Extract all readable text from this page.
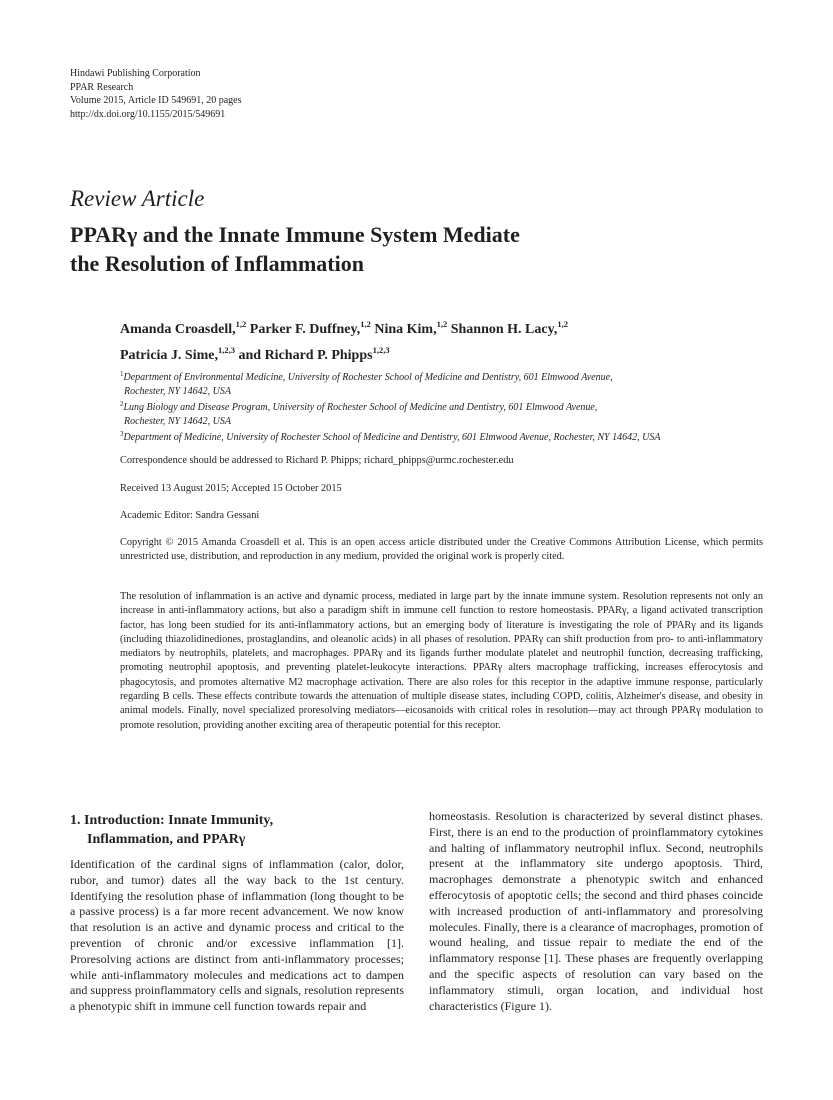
Hindawi Publishing Corporation
PPAR Research
Volume 2015, Article ID 549691, 20 pages
http://dx.doi.org/10.1155/2015/549691
Review Article
PPARγ and the Innate Immune System Mediate
the Resolution of Inflammation
Amanda Croasdell,$^{1,2}$ Parker F. Duffney,$^{1,2}$ Nina Kim,$^{1,2}$ Shannon H. Lacy,$^{1,2}$
Patricia J. Sime,$^{1,2,3}$ and Richard P. Phipps$^{1,2,3}$

$^1$Department of Environmental Medicine, University of Rochester School of Medicine and Dentistry, 601 Elmwood Avenue,

Rochester, NY 14642, USA

$^2$Lung Biology and Disease Program, University of Rochester School of Medicine and Dentistry, 601 Elmwood Avenue,

Rochester, NY 14642, USA

$^3$Department of Medicine, University of Rochester School of Medicine and Dentistry, 601 Elmwood Avenue, Rochester, NY 14642, USA

Correspondence should be addressed to Richard P. Phipps; richard_phipps@urmc.rochester.edu
Received 13 August 2015; Accepted 15 October 2015
Academic Editor: Sandra Gessani

Copyright © 2015 Amanda Croasdell et al. This is an open access article distributed under the Creative Commons Attribution License, which permits unrestricted use, distribution, and reproduction in any medium, provided the original work is properly cited.

The resolution of inflammation is an active and dynamic process, mediated in large part by the innate immune system. Resolution represents not only an increase in anti-inflammatory actions, but also a paradigm shift in immune cell function to restore homeostasis. PPARγ, a ligand activated transcription factor, has long been studied for its anti-inflammatory actions, but an emerging body of literature is investigating the role of PPARγ and its ligands (including thiazolidinediones, prostaglandins, and oleanolic acids) in all phases of resolution. PPARγ can shift production from pro- to anti-inflammatory mediators by neutrophils, platelets, and macrophages. PPARγ and its ligands further modulate platelet and neutrophil function, decreasing trafficking, promoting neutrophil apoptosis, and preventing platelet-leukocyte interactions. PPARγ alters macrophage trafficking, increases efferocytosis and phagocytosis, and promotes alternative M2 macrophage activation. There are also roles for this receptor in the adaptive immune response, particularly regarding B cells. These effects contribute towards the attenuation of multiple disease states, including COPD, colitis, Alzheimer's disease, and obesity in animal models. Finally, novel specialized proresolving mediators—eicosanoids with critical roles in resolution—may act through PPARγ modulation to promote resolution, providing another exciting area of therapeutic potential for this receptor.

1. Introduction: Innate Immunity,
Inflammation, and PPARγ

Identification of the cardinal signs of inflammation (calor, dolor, rubor, and tumor) dates all the way back to the 1st century. Identifying the resolution phase of inflammation (long thought to be a passive process) is a far more recent advancement. We now know that resolution is an active and dynamic process and critical to the prevention of chronic and/or excessive inflammation [1]. Proresolving actions are distinct from anti-inflammatory processes; while anti-inflammatory molecules and medications act to dampen and suppress proinflammatory cells and signals, resolution represents a phenotypic shift in immune cell function towards repair and

homeostasis. Resolution is characterized by several distinct phases. First, there is an end to the production of proinflammatory cytokines and halting of inflammatory neutrophil influx. Second, neutrophils present at the inflammatory site undergo apoptosis. Third, macrophages demonstrate a phenotypic switch and enhanced efferocytosis of apoptotic cells; the second and third phases coincide with increased production of anti-inflammatory and proresolving molecules. Finally, there is a clearance of macrophages, promotion of wound healing, and tissue repair to mediate the end of the inflammatory response [1]. These phases are frequently overlapping and the specific aspects of resolution can vary based on the inflammatory stimuli, organ location, and individual host characteristics (Figure 1).
